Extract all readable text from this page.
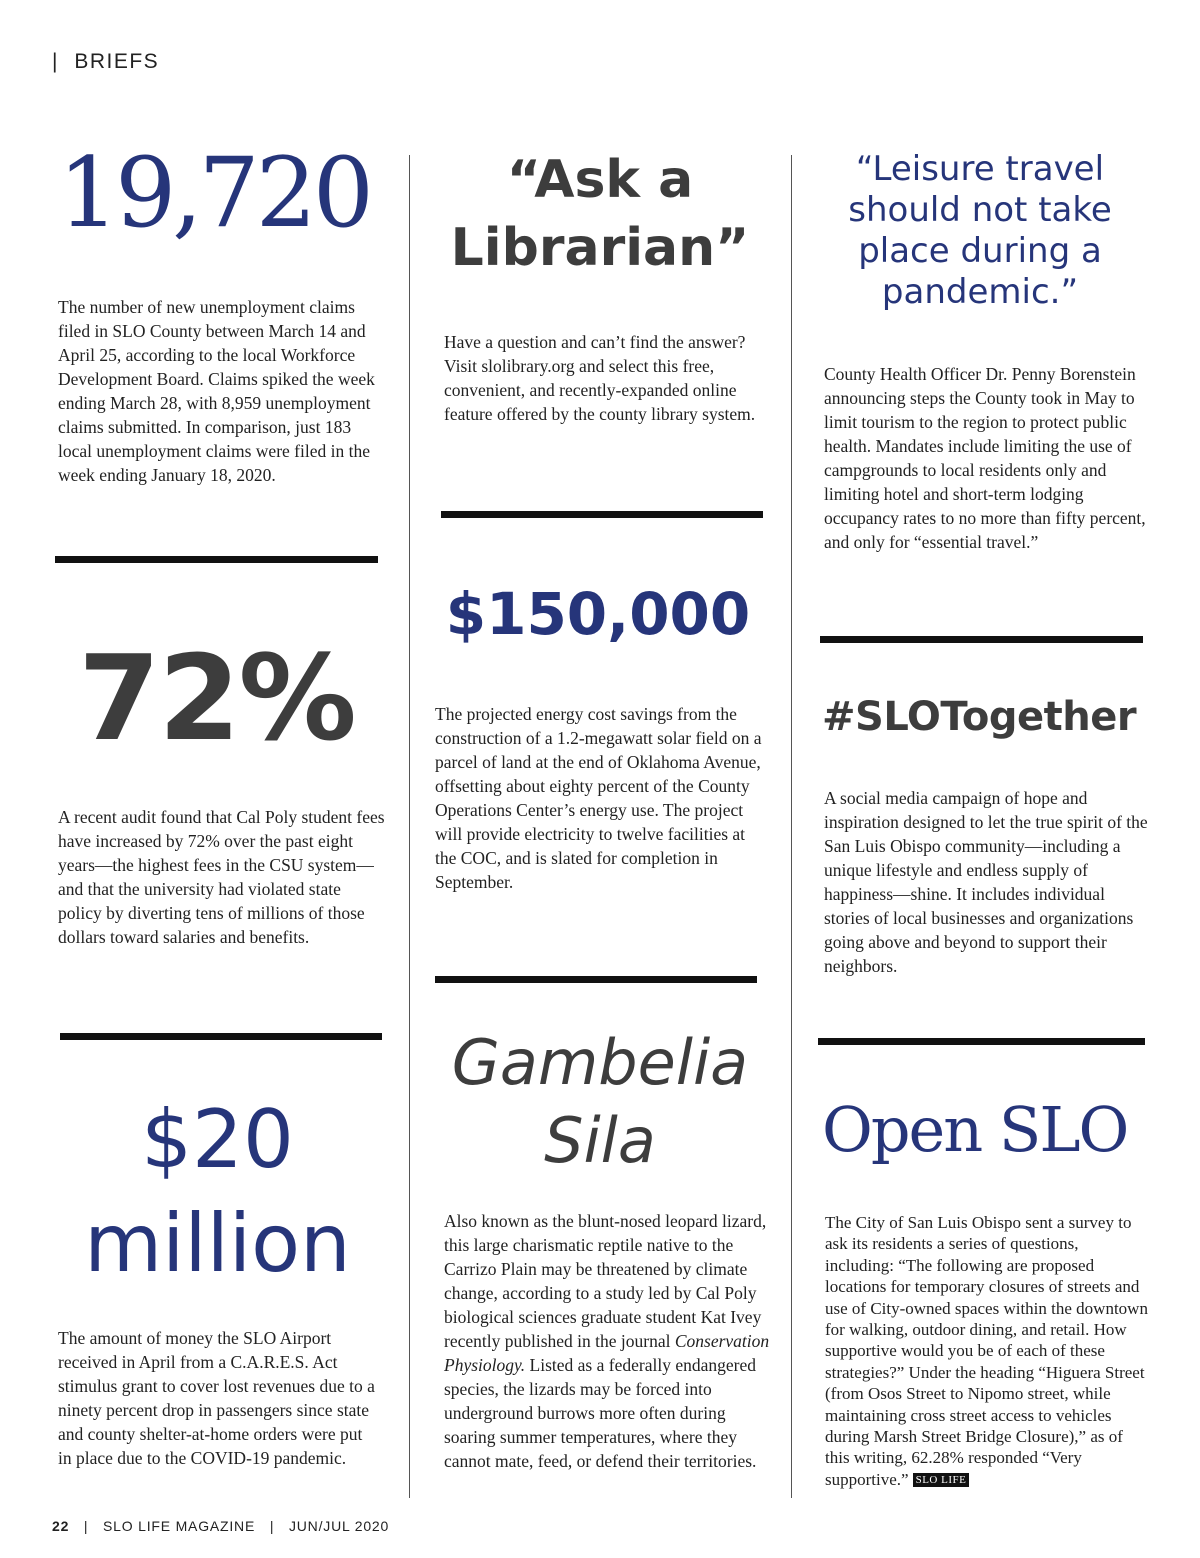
| BRIEFS
19,720

The number of new unemployment claims filed in SLO County between March 14 and April 25, according to the local Workforce Development Board. Claims spiked the week ending March 28, with 8,959 unemployment claims submitted. In comparison, just 183 local unemployment claims were filed in the week ending January 18, 2020.

72%

A recent audit found that Cal Poly student fees have increased by 72% over the past eight years—the highest fees in the CSU system—and that the university had violated state policy by diverting tens of millions of those dollars toward salaries and benefits.

$20
million

The amount of money the SLO Airport received in April from a C.A.R.E.S. Act stimulus grant to cover lost revenues due to a ninety percent drop in passengers since state and county shelter-at-home orders were put in place due to the COVID-19 pandemic.

“Ask a
Librarian”

Have a question and can’t find the answer? Visit slolibrary.org and select this free, convenient, and recently-expanded online feature offered by the county library system.

$150,000

The projected energy cost savings from the construction of a 1.2-megawatt solar field on a parcel of land at the end of Oklahoma Avenue, offsetting about eighty percent of the County Operations Center’s energy use. The project will provide electricity to twelve facilities at the COC, and is slated for completion in September.

Gambelia
Sila

Also known as the blunt-nosed leopard lizard, this large charismatic reptile native to the Carrizo Plain may be threatened by climate change, according to a study led by Cal Poly biological sciences graduate student Kat Ivey recently published in the journal Conservation Physiology. Listed as a federally endangered species, the lizards may be forced into underground burrows more often during soaring summer temperatures, where they cannot mate, feed, or defend their territories.

“Leisure travel should not take place during a pandemic.”

County Health Officer Dr. Penny Borenstein announcing steps the County took in May to limit tourism to the region to protect public health. Mandates include limiting the use of campgrounds to local residents only and limiting hotel and short-term lodging occupancy rates to no more than fifty percent, and only for “essential travel.”

#SLOTogether

A social media campaign of hope and inspiration designed to let the true spirit of the San Luis Obispo community—including a unique lifestyle and endless supply of happiness—shine. It includes individual stories of local businesses and organizations going above and beyond to support their neighbors.

Open SLO

The City of San Luis Obispo sent a survey to ask its residents a series of questions, including: “The following are proposed locations for temporary closures of streets and use of City-owned spaces within the downtown for walking, outdoor dining, and retail. How supportive would you be of each of these strategies?” Under the heading “Higuera Street (from Osos Street to Nipomo street, while maintaining cross street access to vehicles during Marsh Street Bridge Closure),” as of this writing, 62.28% responded “Very supportive.” SLO LIFE

22 | SLO LIFE MAGAZINE | JUN/JUL 2020
